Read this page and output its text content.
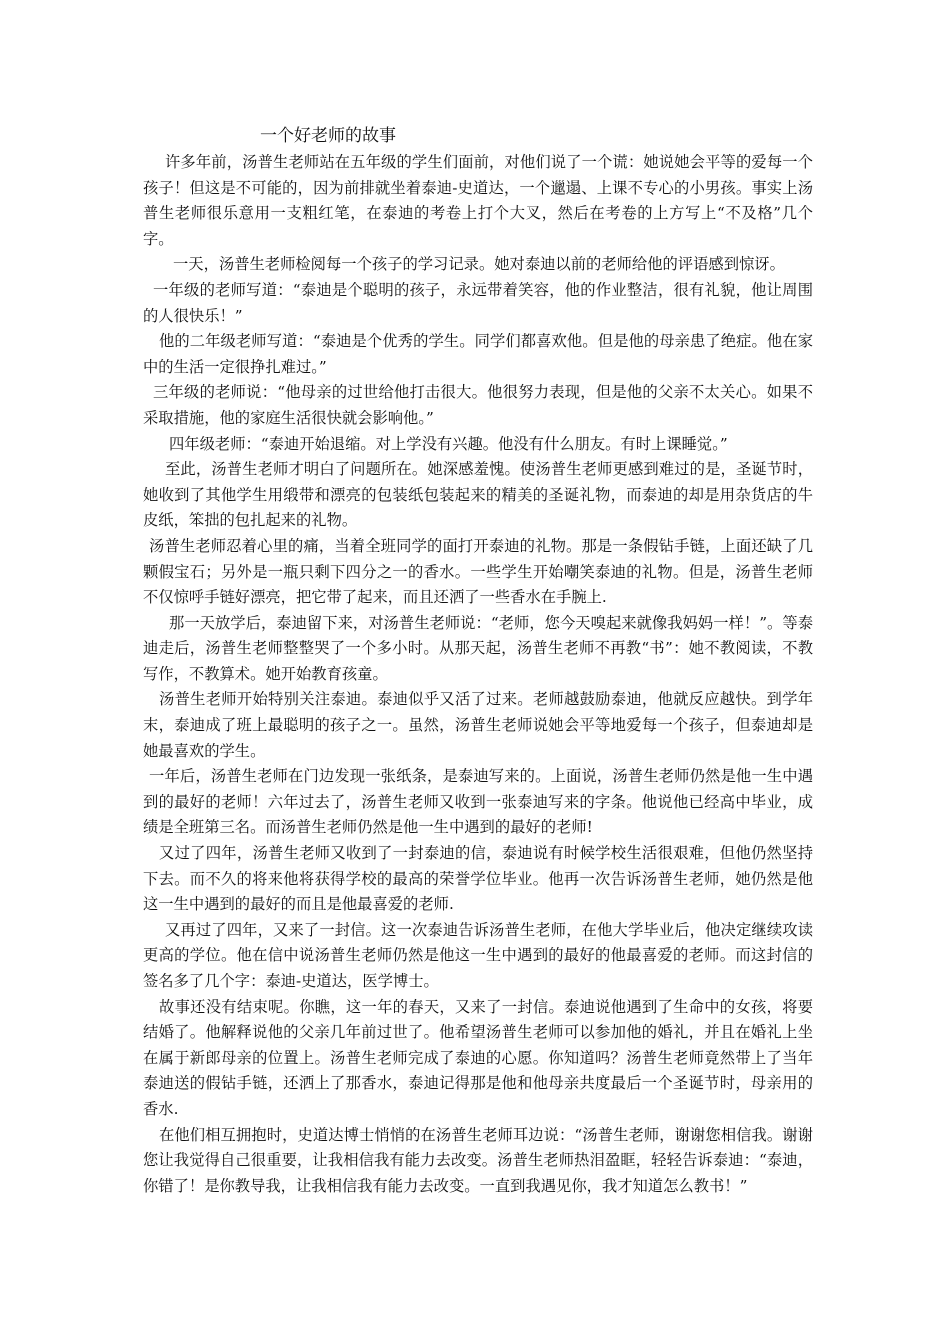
一个好老师的故事

许多年前，汤普生老师站在五年级的学生们面前，对他们说了一个谎：她说她会平等的爱每一个孩子！但这是不可能的，因为前排就坐着泰迪-史道达，一个邋遢、上课不专心的小男孩。事实上汤普生老师很乐意用一支粗红笔，在泰迪的考卷上打个大叉，然后在考卷的上方写上“不及格”几个字。

一天，汤普生老师检阅每一个孩子的学习记录。她对泰迪以前的老师给他的评语感到惊讶。

一年级的老师写道：“泰迪是个聪明的孩子，永远带着笑容，他的作业整洁，很有礼貌，他让周围的人很快乐！”

他的二年级老师写道：“泰迪是个优秀的学生。同学们都喜欢他。但是他的母亲患了绝症。他在家中的生活一定很挣扎难过。”

三年级的老师说：“他母亲的过世给他打击很大。他很努力表现，但是他的父亲不太关心。如果不采取措施，他的家庭生活很快就会影响他。”

四年级老师：“泰迪开始退缩。对上学没有兴趣。他没有什么朋友。有时上课睡觉。”

至此，汤普生老师才明白了问题所在。她深感羞愧。使汤普生老师更感到难过的是，圣诞节时，她收到了其他学生用缎带和漂亮的包装纸包装起来的精美的圣诞礼物，而泰迪的却是用杂货店的牛皮纸，笨拙的包扎起来的礼物。

汤普生老师忍着心里的痛，当着全班同学的面打开泰迪的礼物。那是一条假钻手链，上面还缺了几颗假宝石；另外是一瓶只剩下四分之一的香水。一些学生开始嘲笑泰迪的礼物。但是，汤普生老师不仅惊呼手链好漂亮，把它带了起来，而且还洒了一些香水在手腕上.

那一天放学后，泰迪留下来，对汤普生老师说：“老师，您今天嗅起来就像我妈妈一样！”。等泰迪走后，汤普生老师整整哭了一个多小时。从那天起，汤普生老师不再教“书”：她不教阅读，不教写作，不教算术。她开始教育孩童。

汤普生老师开始特别关注泰迪。泰迪似乎又活了过来。老师越鼓励泰迪，他就反应越快。到学年末，泰迪成了班上最聪明的孩子之一。虽然，汤普生老师说她会平等地爱每一个孩子，但泰迪却是她最喜欢的学生。

一年后，汤普生老师在门边发现一张纸条，是泰迪写来的。上面说，汤普生老师仍然是他一生中遇到的最好的老师！六年过去了，汤普生老师又收到一张泰迪写来的字条。他说他已经高中毕业，成绩是全班第三名。而汤普生老师仍然是他一生中遇到的最好的老师!

又过了四年，汤普生老师又收到了一封泰迪的信，泰迪说有时候学校生活很艰难，但他仍然坚持下去。而不久的将来他将获得学校的最高的荣誉学位毕业。他再一次告诉汤普生老师，她仍然是他这一生中遇到的最好的而且是他最喜爱的老师.

又再过了四年，又来了一封信。这一次泰迪告诉汤普生老师，在他大学毕业后，他决定继续攻读更高的学位。他在信中说汤普生老师仍然是他这一生中遇到的最好的他最喜爱的老师。而这封信的签名多了几个字：泰迪-史道达，医学博士。

故事还没有结束呢。你瞧，这一年的春天，又来了一封信。泰迪说他遇到了生命中的女孩，将要结婚了。他解释说他的父亲几年前过世了。他希望汤普生老师可以参加他的婚礼，并且在婚礼上坐在属于新郎母亲的位置上。汤普生老师完成了泰迪的心愿。你知道吗？汤普生老师竟然带上了当年泰迪送的假钻手链，还洒上了那香水，泰迪记得那是他和他母亲共度最后一个圣诞节时，母亲用的香水.

在他们相互拥抱时，史道达博士悄悄的在汤普生老师耳边说：“汤普生老师，谢谢您相信我。谢谢您让我觉得自己很重要，让我相信我有能力去改变。汤普生老师热泪盈眶，轻轻告诉泰迪：“泰迪，你错了！是你教导我，让我相信我有能力去改变。一直到我遇见你，我才知道怎么教书！”
